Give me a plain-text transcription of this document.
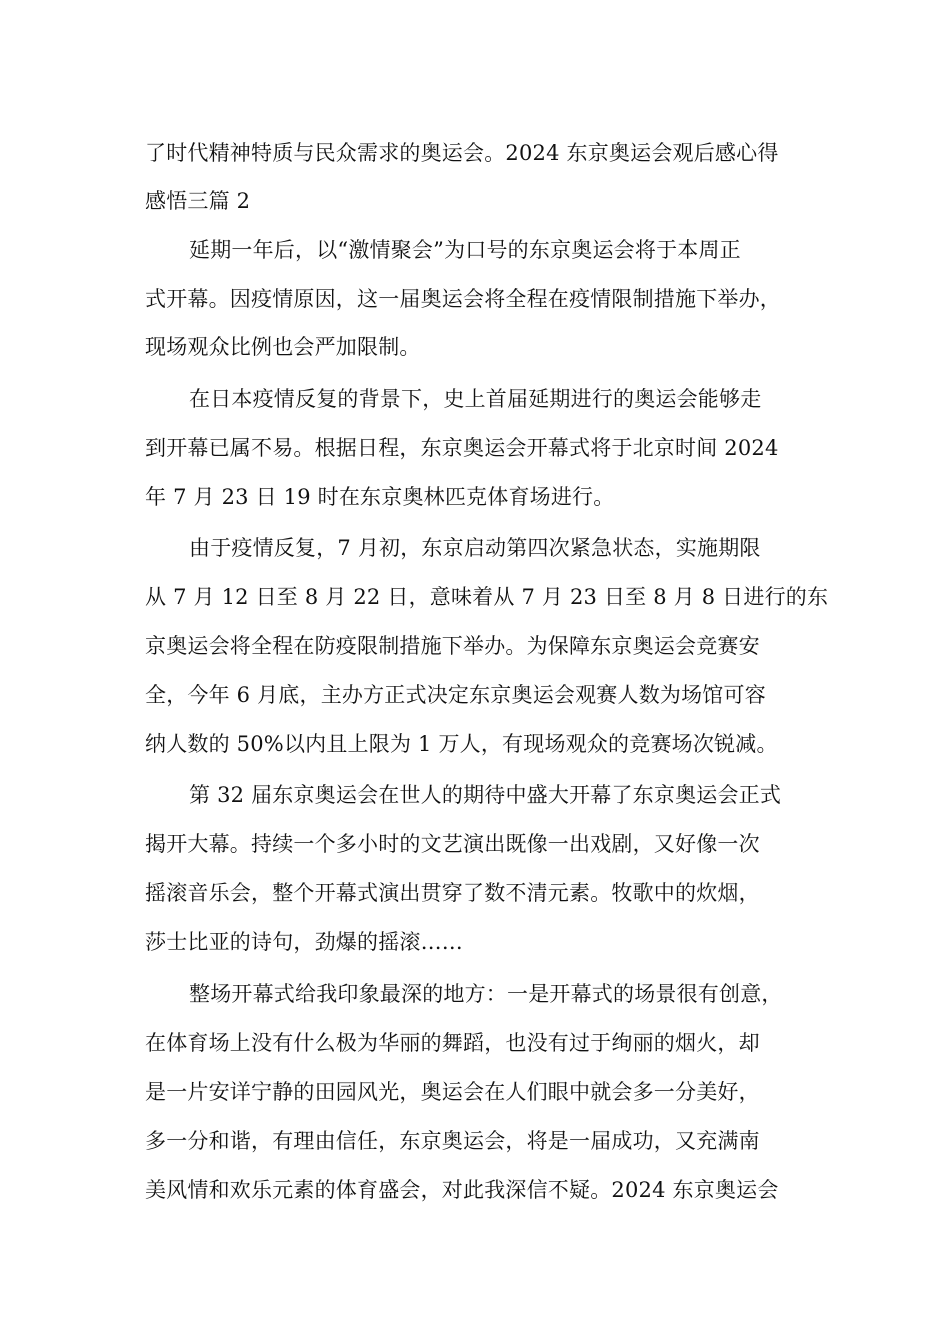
了时代精神特质与民众需求的奥运会。2024 东京奥运会观后感心得
感悟三篇 2
延期一年后，以“激情聚会”为口号的东京奥运会将于本周正
式开幕。因疫情原因，这一届奥运会将全程在疫情限制措施下举办，
现场观众比例也会严加限制。
在日本疫情反复的背景下，史上首届延期进行的奥运会能够走
到开幕已属不易。根据日程，东京奥运会开幕式将于北京时间 2024
年 7 月 23 日 19 时在东京奥林匹克体育场进行。
由于疫情反复，7 月初，东京启动第四次紧急状态，实施期限
从 7 月 12 日至 8 月 22 日，意味着从 7 月 23 日至 8 月 8 日进行的东
京奥运会将全程在防疫限制措施下举办。为保障东京奥运会竞赛安
全，今年 6 月底，主办方正式决定东京奥运会观赛人数为场馆可容
纳人数的 50%以内且上限为 1 万人，有现场观众的竞赛场次锐减。
第 32 届东京奥运会在世人的期待中盛大开幕了东京奥运会正式
揭开大幕。持续一个多小时的文艺演出既像一出戏剧，又好像一次
摇滚音乐会，整个开幕式演出贯穿了数不清元素。牧歌中的炊烟，
莎士比亚的诗句，劲爆的摇滚……
整场开幕式给我印象最深的地方：一是开幕式的场景很有创意，
在体育场上没有什么极为华丽的舞蹈，也没有过于绚丽的烟火，却
是一片安详宁静的田园风光，奥运会在人们眼中就会多一分美好，
多一分和谐，有理由信任，东京奥运会，将是一届成功，又充满南
美风情和欢乐元素的体育盛会，对此我深信不疑。2024 东京奥运会
